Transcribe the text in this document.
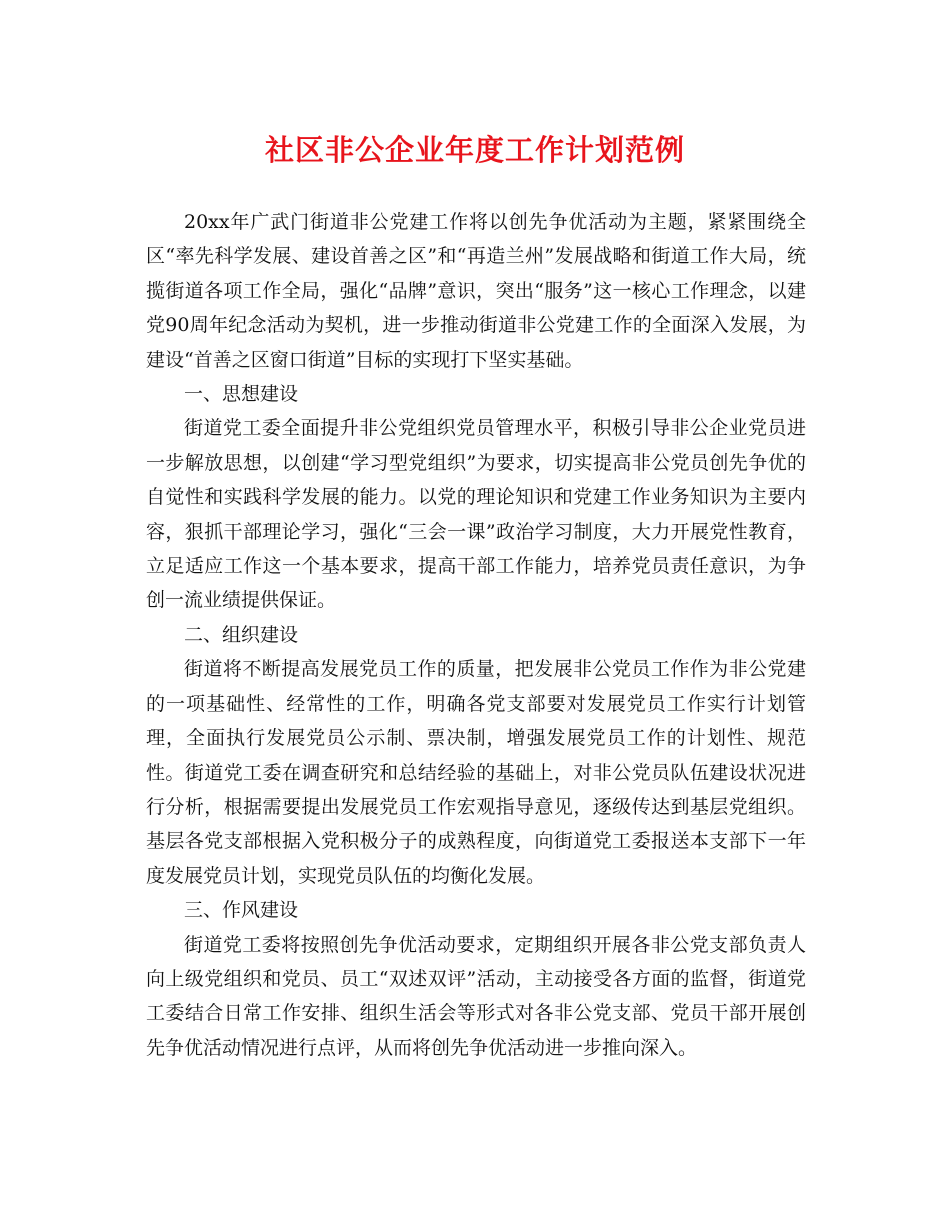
社区非公企业年度工作计划范例

20xx年广武门街道非公党建工作将以创先争优活动为主题，紧紧围绕全区“率先科学发展、建设首善之区”和“再造兰州”发展战略和街道工作大局，统揽街道各项工作全局，强化“品牌”意识，突出“服务”这一核心工作理念，以建党90周年纪念活动为契机，进一步推动街道非公党建工作的全面深入发展，为建设“首善之区窗口街道”目标的实现打下坚实基础。

一、思想建设

街道党工委全面提升非公党组织党员管理水平，积极引导非公企业党员进一步解放思想，以创建“学习型党组织”为要求，切实提高非公党员创先争优的自觉性和实践科学发展的能力。以党的理论知识和党建工作业务知识为主要内容，狠抓干部理论学习，强化“三会一课”政治学习制度，大力开展党性教育，立足适应工作这一个基本要求，提高干部工作能力，培养党员责任意识，为争创一流业绩提供保证。

二、组织建设

街道将不断提高发展党员工作的质量，把发展非公党员工作作为非公党建的一项基础性、经常性的工作，明确各党支部要对发展党员工作实行计划管理，全面执行发展党员公示制、票决制，增强发展党员工作的计划性、规范性。街道党工委在调查研究和总结经验的基础上，对非公党员队伍建设状况进行分析，根据需要提出发展党员工作宏观指导意见，逐级传达到基层党组织。基层各党支部根据入党积极分子的成熟程度，向街道党工委报送本支部下一年度发展党员计划，实现党员队伍的均衡化发展。

三、作风建设

街道党工委将按照创先争优活动要求，定期组织开展各非公党支部负责人向上级党组织和党员、员工“双述双评”活动，主动接受各方面的监督，街道党工委结合日常工作安排、组织生活会等形式对各非公党支部、党员干部开展创先争优活动情况进行点评，从而将创先争优活动进一步推向深入。
